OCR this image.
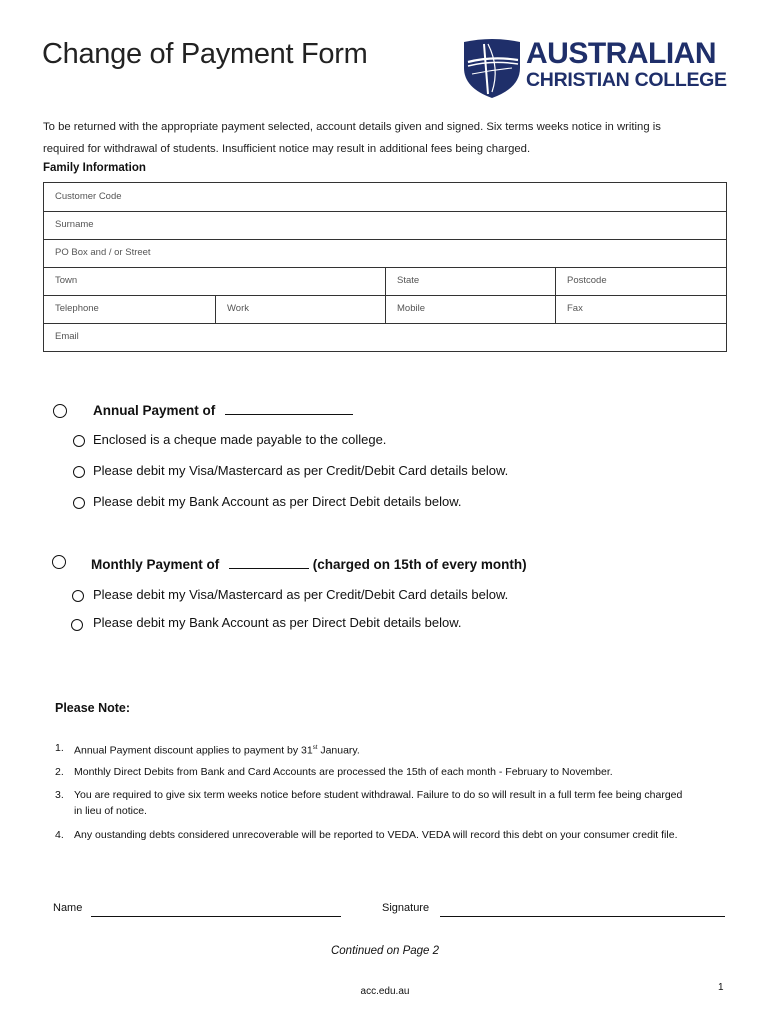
Change of Payment Form	AUSTRALIAN
CHRISTIAN COLLEGE
To be returned with the appropriate payment selected, account details given and signed. Six terms weeks notice in writing is
required for withdrawal of students. Insufficient notice may result in additional fees being charged.
Family Information
Customer Code
Surname
PO Box and / or Street
Town	State	Postcode
Telephone	Work	Mobile	Fax
Email
Annual Payment of
Enclosed is a cheque made payable to the college.
Please debit my Visa/Mastercard as per Credit/Debit Card details below.
Please debit my Bank Account as per Direct Debit details below.
Monthly Payment of	(charged on 15th of every month)
Please debit my Visa/Mastercard as per Credit/Debit Card details below.
Please debit my Bank Account as per Direct Debit details below.
Please Note:
1. Annual Payment discount applies to payment by 31st January.
2. Monthly Direct Debits from Bank and Card Accounts are processed the 15th of each month - February to November.
3. You are required to give six term weeks notice before student withdrawal. Failure to do so will result in a full term fee being charged
in lieu of notice.
4. Any oustanding debts considered unrecoverable will be reported to VEDA. VEDA will record this debt on your consumer credit file.
Name	Signature
Continued on Page 2
acc.edu.au	1
